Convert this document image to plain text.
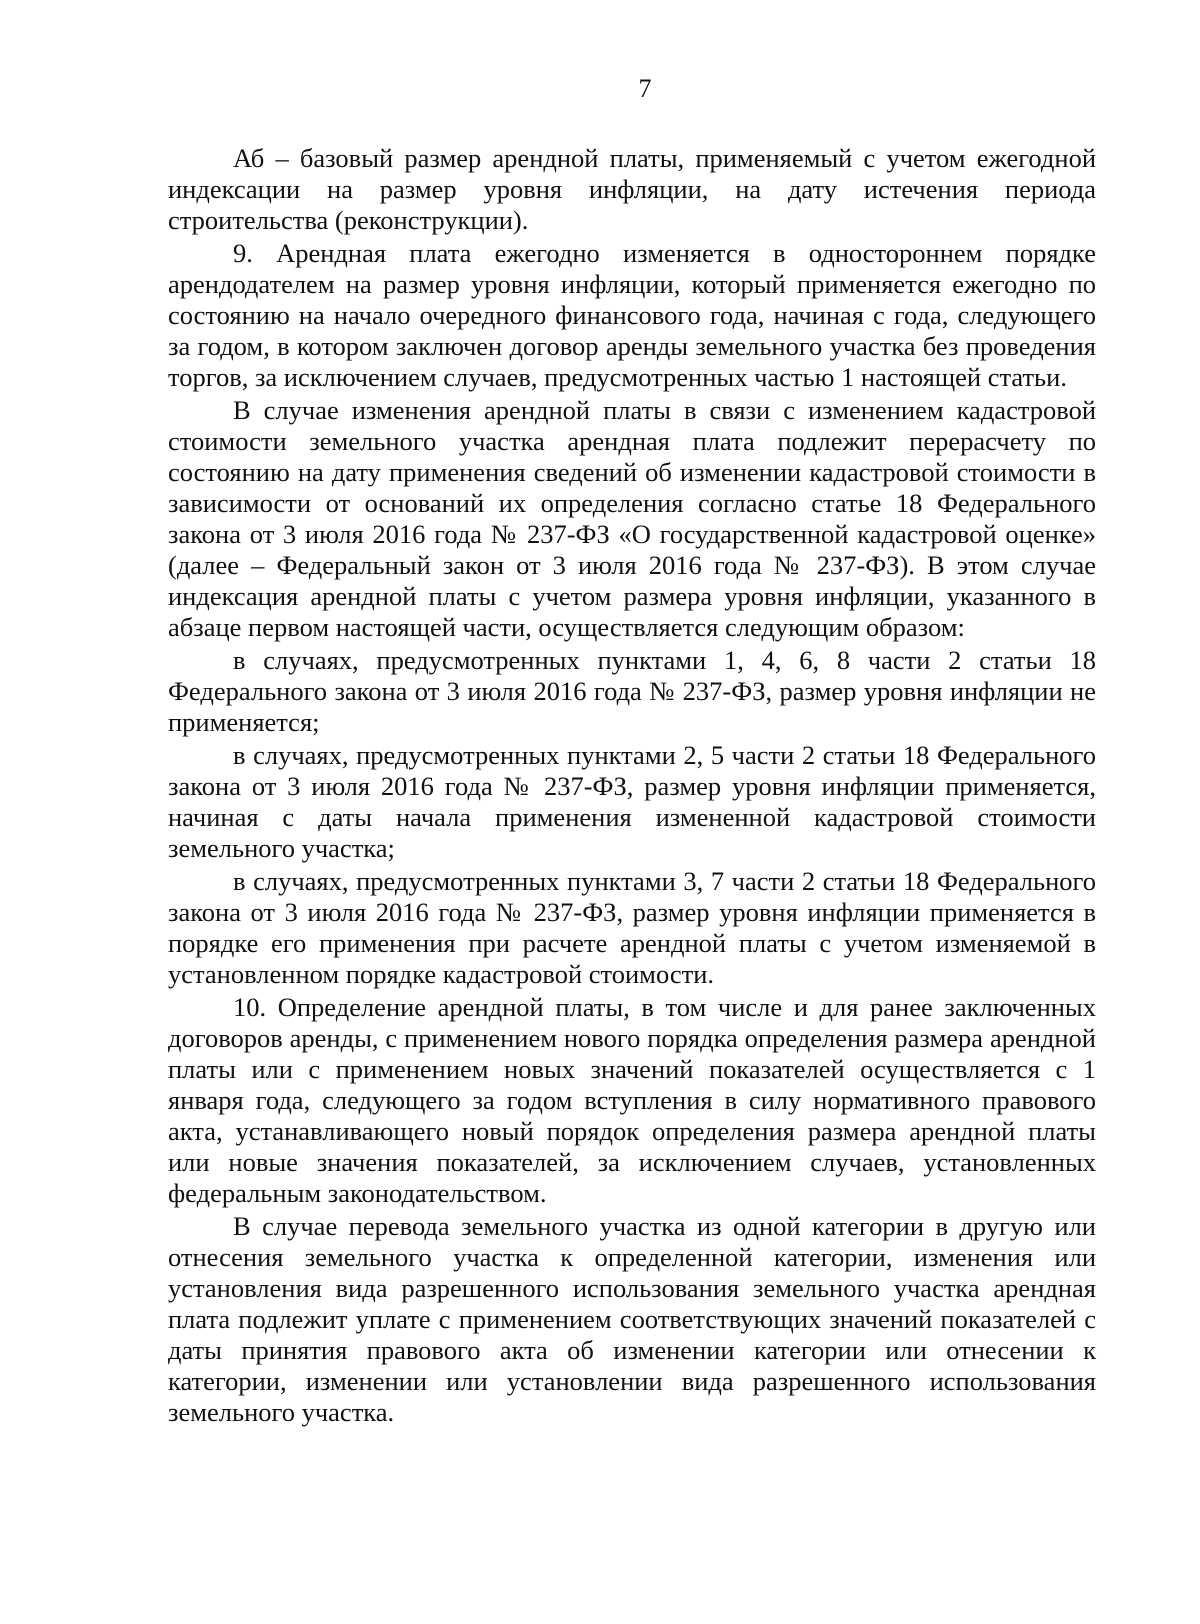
7

Аб – базовый размер арендной платы, применяемый с учетом ежегодной индексации на размер уровня инфляции, на дату истечения периода строительства (реконструкции).

9. Арендная плата ежегодно изменяется в одностороннем порядке арендодателем на размер уровня инфляции, который применяется ежегодно по состоянию на начало очередного финансового года, начиная с года, следующего за годом, в котором заключен договор аренды земельного участка без проведения торгов, за исключением случаев, предусмотренных частью 1 настоящей статьи.

В случае изменения арендной платы в связи с изменением кадастровой стоимости земельного участка арендная плата подлежит перерасчету по состоянию на дату применения сведений об изменении кадастровой стоимости в зависимости от оснований их определения согласно статье 18 Федерального закона от 3 июля 2016 года № 237-ФЗ «О государственной кадастровой оценке» (далее – Федеральный закон от 3 июля 2016 года № 237-ФЗ). В этом случае индексация арендной платы с учетом размера уровня инфляции, указанного в абзаце первом настоящей части, осуществляется следующим образом:

в случаях, предусмотренных пунктами 1, 4, 6, 8 части 2 статьи 18 Федерального закона от 3 июля 2016 года № 237-ФЗ, размер уровня инфляции не применяется;

в случаях, предусмотренных пунктами 2, 5 части 2 статьи 18 Федерального закона от 3 июля 2016 года № 237-ФЗ, размер уровня инфляции применяется, начиная с даты начала применения измененной кадастровой стоимости земельного участка;

в случаях, предусмотренных пунктами 3, 7 части 2 статьи 18 Федерального закона от 3 июля 2016 года № 237-ФЗ, размер уровня инфляции применяется в порядке его применения при расчете арендной платы с учетом изменяемой в установленном порядке кадастровой стоимости.

10. Определение арендной платы, в том числе и для ранее заключенных договоров аренды, с применением нового порядка определения размера арендной платы или с применением новых значений показателей осуществляется с 1 января года, следующего за годом вступления в силу нормативного правового акта, устанавливающего новый порядок определения размера арендной платы или новые значения показателей, за исключением случаев, установленных федеральным законодательством.

В случае перевода земельного участка из одной категории в другую или отнесения земельного участка к определенной категории, изменения или установления вида разрешенного использования земельного участка арендная плата подлежит уплате с применением соответствующих значений показателей с даты принятия правового акта об изменении категории или отнесении к категории, изменении или установлении вида разрешенного использования земельного участка.
